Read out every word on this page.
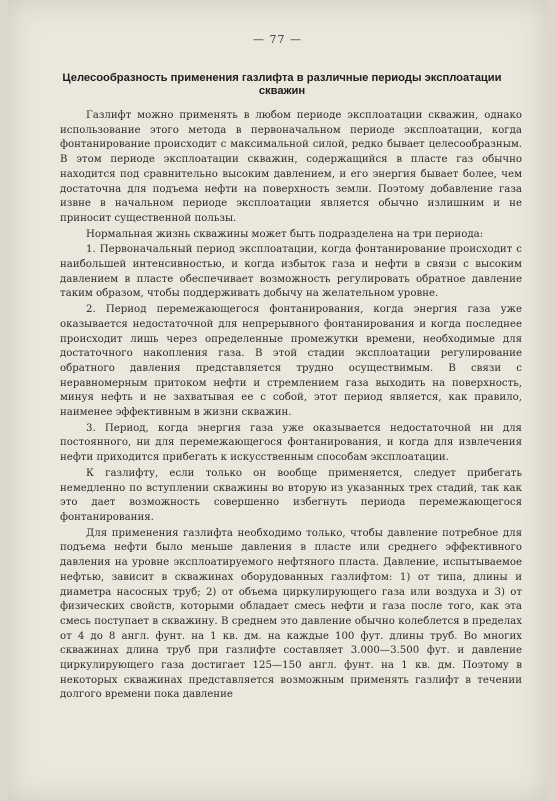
— 77 —
Целесообразность применения газлифта в различные периоды эксплоатации скважин

Газлифт можно применять в любом периоде эксплоатации скважин, однако использование этого метода в первоначальном периоде эксплоатации, когда фонтанирование происходит с максимальной силой, редко бывает целесообразным. В этом периоде эксплоатации скважин, содержащийся в пласте газ обычно находится под сравнительно высоким давлением, и его энергия бывает более, чем достаточна для подъема нефти на поверхность земли. Поэтому добавление газа извне в начальном периоде эксплоатации является обычно излишним и не приносит существенной пользы.

Нормальная жизнь скважины может быть подразделена на три периода:

1. Первоначальный период эксплоатации, когда фонтанирование происходит с наибольшей интенсивностью, и когда избыток газа и нефти в связи с высоким давлением в пласте обеспечивает возможность регулировать обратное давление таким образом, чтобы поддерживать добычу на желательном уровне.

2. Период перемежающегося фонтанирования, когда энергия газа уже оказывается недостаточной для непрерывного фонтанирования и когда последнее происходит лишь через определенные промежутки времени, необходимые для достаточного накопления газа. В этой стадии эксплоатации регулирование обратного давления представляется трудно осуществимым. В связи с неравномерным притоком нефти и стремлением газа выходить на поверхность, минуя нефть и не захватывая ее с собой, этот период является, как правило, наименее эффективным в жизни скважин.

3. Период, когда энергия газа уже оказывается недостаточной ни для постоянного, ни для перемежающегося фонтанирования, и когда для извлечения нефти приходится прибегать к искусственным способам эксплоатации.

К газлифту, если только он вообще применяется, следует прибегать немедленно по вступлении скважины во вторую из указанных трех стадий, так как это дает возможность совершенно избегнуть периода перемежающегося фонтанирования.

Для применения газлифта необходимо только, чтобы давление потребное для подъема нефти было меньше давления в пласте или среднего эффективного давления на уровне эксплоатируемого нефтяного пласта. Давление, испытываемое нефтью, зависит в скважинах оборудованных газлифтом: 1) от типа, длины и диаметра насосных труб; 2) от объема циркулирующего газа или воздуха и 3) от физических свойств, которыми обладает смесь нефти и газа после того, как эта смесь поступает в скважину. В среднем это давление обычно колеблется в пределах от 4 до 8 англ. фунт. на 1 кв. дм. на каждые 100 фут. длины труб. Во многих скважинах длина труб при газлифте составляет 3.000—3.500 фут. и давление циркулирующего газа достигает 125—150 англ. фунт. на 1 кв. дм. Поэтому в некоторых скважинах представляется возможным применять газлифт в течении долгого времени пока давление
